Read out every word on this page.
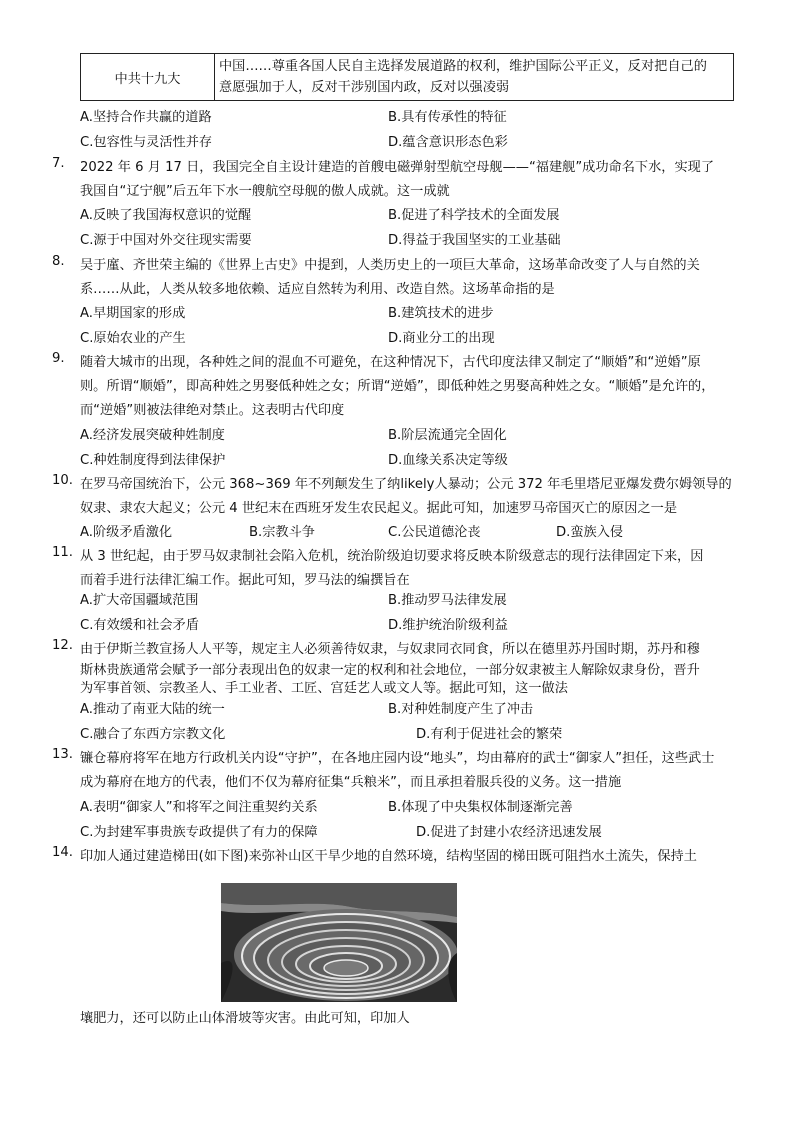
中共十九大	
中国……尊重各国人民自主选择发展道路的权利，维护国际公平正义，反对把自己的
意愿强加于人，反对干涉别国内政，反对以强凌弱
A.坚持合作共赢的道路	B.具有传承性的特征
C.包容性与灵活性并存	D.蕴含意识形态色彩
7. 2022 年 6 月 17 日，我国完全自主设计建造的首艘电磁弹射型航空母舰——“福建舰”成功命名下水，实现了
我国自“辽宁舰”后五年下水一艘航空母舰的傲人成就。这一成就
A.反映了我国海权意识的觉醒	B.促进了科学技术的全面发展
C.源于中国对外交往现实需要	D.得益于我国坚实的工业基础
8. 吴于廑、齐世荣主编的《世界上古史》中提到，人类历史上的一项巨大革命，这场革命改变了人与自然的关
系……从此，人类从较多地依赖、适应自然转为利用、改造自然。这场革命指的是
A.早期国家的形成	B.建筑技术的进步
C.原始农业的产生	D.商业分工的出现
9. 随着大城市的出现，各种姓之间的混血不可避免，在这种情况下，古代印度法律又制定了“顺婚”和“逆婚”原
则。所谓“顺婚”，即高种姓之男娶低种姓之女；所谓“逆婚”，即低种姓之男娶高种姓之女。“顺婚”是允许的，
而“逆婚”则被法律绝对禁止。这表明古代印度
A.经济发展突破种姓制度	B.阶层流通完全固化
C.种姓制度得到法律保护	D.血缘关系决定等级
10. 在罗马帝国统治下，公元 368~369 年不列颠发生了纳likely人暴动；公元 372 年毛里塔尼亚爆发费尔姆领导的
奴隶、隶农大起义；公元 4 世纪末在西班牙发生农民起义。据此可知，加速罗马帝国灭亡的原因之一是
A.阶级矛盾激化	B.宗教斗争	C.公民道德沦丧	D.蛮族入侵
11. 从 3 世纪起，由于罗马奴隶制社会陷入危机，统治阶级迫切要求将反映本阶级意志的现行法律固定下来，因
而着手进行法律汇编工作。据此可知，罗马法的编撰旨在
A.扩大帝国疆域范围	B.推动罗马法律发展
C.有效缓和社会矛盾	D.维护统治阶级利益
12. 由于伊斯兰教宣扬人人平等，规定主人必须善待奴隶，与奴隶同衣同食，所以在德里苏丹国时期，苏丹和穆
斯林贵族通常会赋予一部分表现出色的奴隶一定的权利和社会地位，一部分奴隶被主人解除奴隶身份，晋升
为军事首领、宗教圣人、手工业者、工匠、宫廷艺人或文人等。据此可知，这一做法
A.推动了南亚大陆的统一	B.对种姓制度产生了冲击
C.融合了东西方宗教文化	D.有利于促进社会的繁荣
13. 镰仓幕府将军在地方行政机关内设“守护”，在各地庄园内设“地头”，均由幕府的武士“御家人”担任，这些武士
成为幕府在地方的代表，他们不仅为幕府征集“兵粮米”，而且承担着服兵役的义务。这一措施
A.表明“御家人”和将军之间注重契约关系	B.体现了中央集权体制逐渐完善
C.为封建军事贵族专政提供了有力的保障	D.促进了封建小农经济迅速发展
14. 印加人通过建造梯田(如下图)来弥补山区干旱少地的自然环境，结构坚固的梯田既可阻挡水土流失，保持土
壤肥力，还可以防止山体滑坡等灾害。由此可知，印加人
